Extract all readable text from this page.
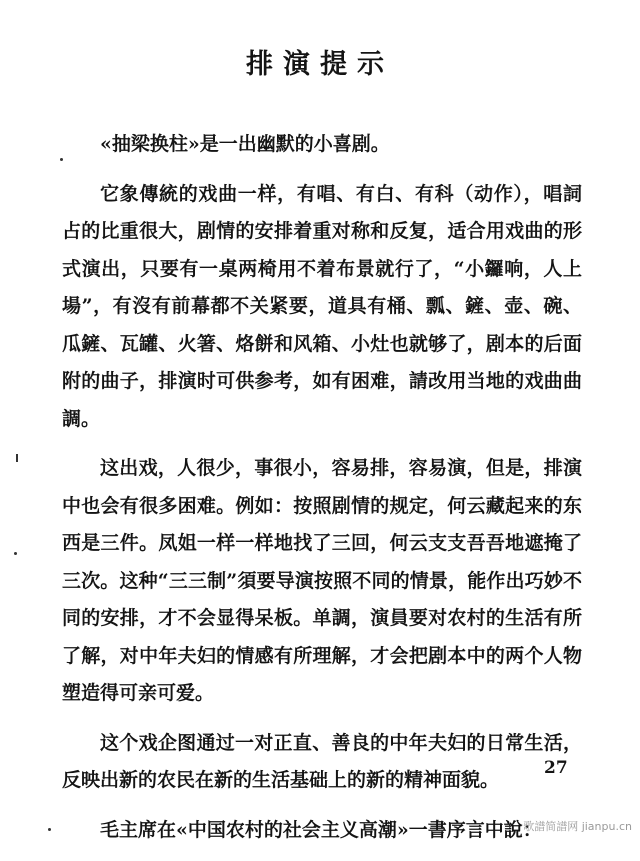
排演提示

«抽梁换柱»是一出幽默的小喜剧。

它象傳統的戏曲一样，有唱、有白、有科（动作），唱詞占的比重很大，剧情的安排着重对称和反复，适合用戏曲的形式演出，只要有一桌两椅用不着布景就行了，“小鑼响，人上場”，有沒有前幕都不关紧要，道具有桶、瓢、鏟、壶、碗、瓜鏟、瓦罐、火箸、烙餅和风箱、小灶也就够了，剧本的后面附的曲子，排演时可供参考，如有困难，請改用当地的戏曲曲調。

这出戏，人很少，事很小，容易排，容易演，但是，排演中也会有很多困难。例如：按照剧情的规定，何云藏起来的东西是三件。凤姐一样一样地找了三回，何云支支吾吾地遮掩了三次。这种“三三制”須要导演按照不同的情景，能作出巧妙不同的安排，才不会显得呆板。单調，演員要对农村的生活有所了解，对中年夫妇的情感有所理解，才会把剧本中的两个人物塑造得可亲可爱。

这个戏企图通过一对正直、善良的中年夫妇的日常生活，反映出新的农民在新的生活基础上的新的精神面貌。

毛主席在«中国农村的社会主义高潮»一書序言中說：

27
歌譜简譜网 jianpu.cn
